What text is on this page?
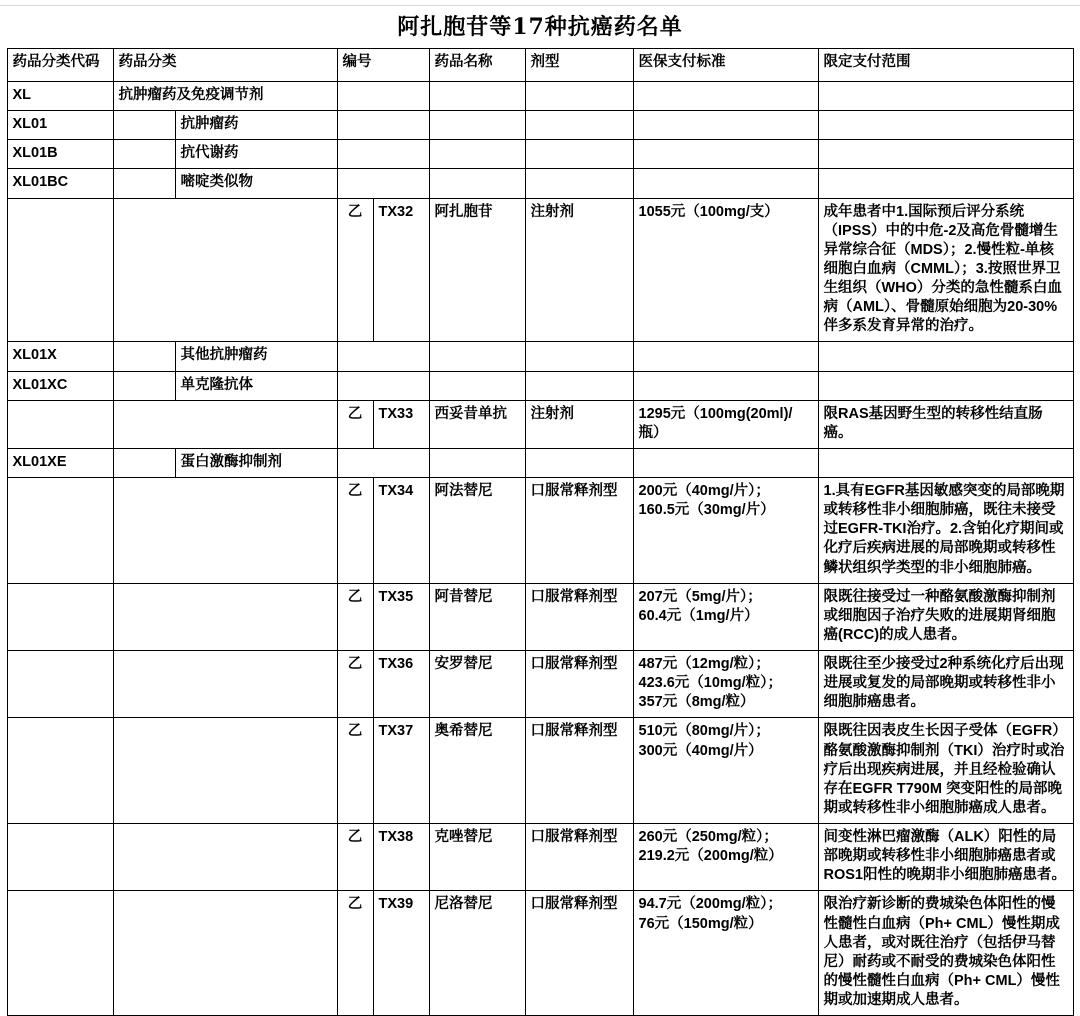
阿扎胞苷等17种抗癌药名单
药品分类代码	药品分类		编号		药品名称	剂型	医保支付标准	限定支付范围
XL	抗肿瘤药及免疫调节剂							
XL01		抗肿瘤药						
XL01B		抗代谢药						
XL01BC		嘧啶类似物						
			乙	TX32	阿扎胞苷	注射剂	1055元（100mg/支）	成年患者中1.国际预后评分系统（IPSS）中的中危-2及高危骨髓增生异常综合征（MDS）；2.慢性粒-单核细胞白血病（CMML）；3.按照世界卫生组织（WHO）分类的急性髓系白血病（AML）、骨髓原始细胞为20-30%伴多系发育异常的治疗。
XL01X		其他抗肿瘤药						
XL01XC		单克隆抗体						
			乙	TX33	西妥昔单抗	注射剂	1295元（100mg(20ml)/瓶）	限RAS基因野生型的转移性结直肠癌。
XL01XE		蛋白激酶抑制剂						
			乙	TX34	阿法替尼	口服常释剂型	200元（40mg/片）；
160.5元（30mg/片）	1.具有EGFR基因敏感突变的局部晚期或转移性非小细胞肺癌，既往未接受过EGFR-TKI治疗。2.含铂化疗期间或化疗后疾病进展的局部晚期或转移性鳞状组织学类型的非小细胞肺癌。
			乙	TX35	阿昔替尼	口服常释剂型	207元（5mg/片）；
60.4元（1mg/片）	限既往接受过一种酪氨酸激酶抑制剂或细胞因子治疗失败的进展期肾细胞癌(RCC)的成人患者。
			乙	TX36	安罗替尼	口服常释剂型	487元（12mg/粒）；
423.6元（10mg/粒）；
357元（8mg/粒）	限既往至少接受过2种系统化疗后出现进展或复发的局部晚期或转移性非小细胞肺癌患者。
			乙	TX37	奥希替尼	口服常释剂型	510元（80mg/片）；
300元（40mg/片）	限既往因表皮生长因子受体（EGFR）酪氨酸激酶抑制剂（TKI）治疗时或治疗后出现疾病进展，并且经检验确认存在EGFR T790M 突变阳性的局部晚期或转移性非小细胞肺癌成人患者。
			乙	TX38	克唑替尼	口服常释剂型	260元（250mg/粒）；
219.2元（200mg/粒）	间变性淋巴瘤激酶（ALK）阳性的局部晚期或转移性非小细胞肺癌患者或 ROS1阳性的晚期非小细胞肺癌患者。
			乙	TX39	尼洛替尼	口服常释剂型	94.7元（200mg/粒）；
76元（150mg/粒）	限治疗新诊断的费城染色体阳性的慢性髓性白血病（Ph+ CML）慢性期成人患者，或对既往治疗（包括伊马替尼）耐药或不耐受的费城染色体阳性的慢性髓性白血病（Ph+ CML）慢性期或加速期成人患者。
